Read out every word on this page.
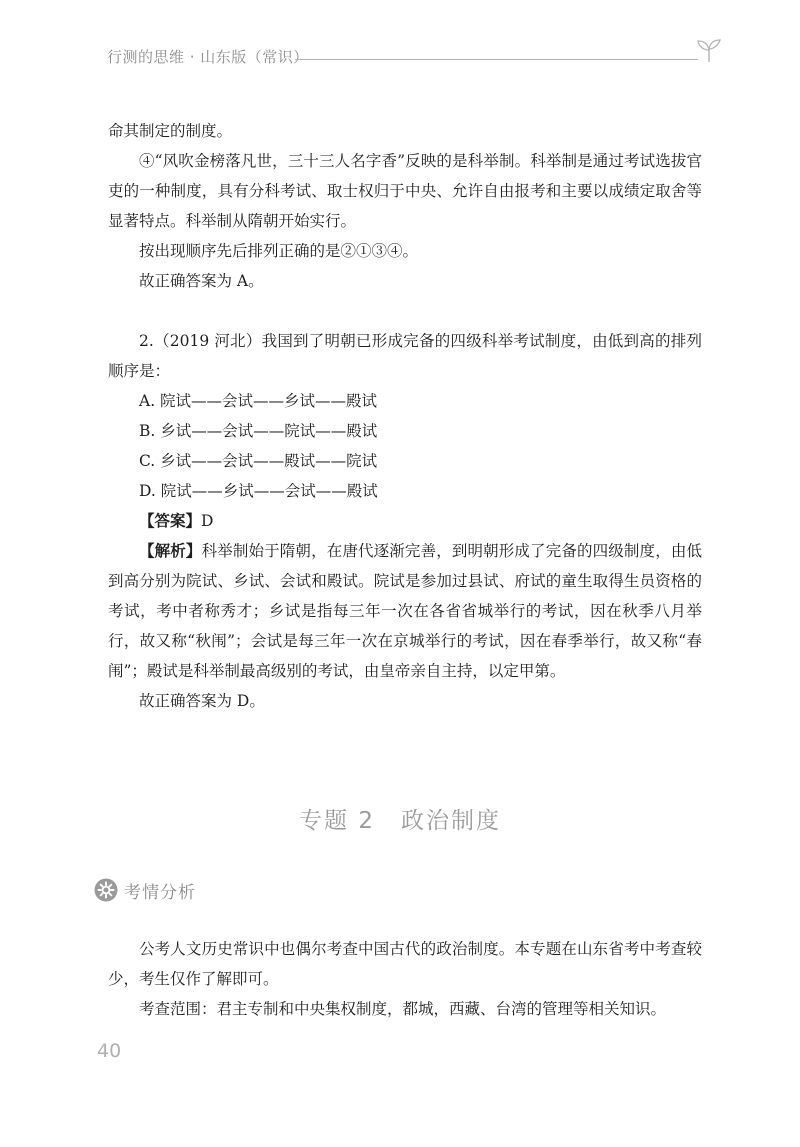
行测的思维 · 山东版（常识）

命其制定的制度。

④“风吹金榜落凡世，三十三人名字香”反映的是科举制。科举制是通过考试选拔官吏的一种制度，具有分科考试、取士权归于中央、允许自由报考和主要以成绩定取舍等显著特点。科举制从隋朝开始实行。

按出现顺序先后排列正确的是②①③④。

故正确答案为 A。

2.（2019 河北）我国到了明朝已形成完备的四级科举考试制度，由低到高的排列顺序是：

A. 院试——会试——乡试——殿试
B. 乡试——会试——院试——殿试
C. 乡试——会试——殿试——院试
D. 院试——乡试——会试——殿试

【答案】D

【解析】科举制始于隋朝，在唐代逐渐完善，到明朝形成了完备的四级制度，由低到高分别为院试、乡试、会试和殿试。院试是参加过县试、府试的童生取得生员资格的考试，考中者称秀才；乡试是指每三年一次在各省省城举行的考试，因在秋季八月举行，故又称“秋闱”；会试是每三年一次在京城举行的考试，因在春季举行，故又称“春闱”；殿试是科举制最高级别的考试，由皇帝亲自主持，以定甲第。

故正确答案为 D。

专题 2 政治制度
考情分析

公考人文历史常识中也偶尔考查中国古代的政治制度。本专题在山东省考中考查较少，考生仅作了解即可。

考查范围：君主专制和中央集权制度，都城，西藏、台湾的管理等相关知识。

40
